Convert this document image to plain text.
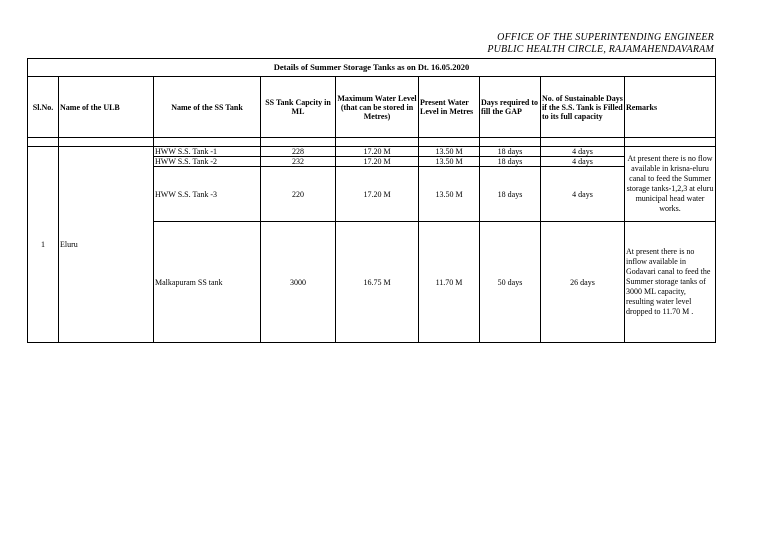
OFFICE OF THE SUPERINTENDING ENGINEER
PUBLIC HEALTH CIRCLE, RAJAMAHENDAVARAM
Details of Summer Storage Tanks as on Dt. 16.05.2020								
Sl.No.	Name of the ULB	Name of the SS Tank	SS Tank Capcity in ML	Maximum Water Level (that can be stored in Metres)	Present Water Level in Metres	Days required to fill the GAP	No. of Sustainable Days if the S.S. Tank is Filled to its full capacity	Remarks

1	Eluru	HWW S.S. Tank -1	228	17.20 M	13.50 M	18 days	4 days	At present there is no flow available in krisna-eluru canal to feed the Summer storage tanks-1,2,3 at eluru municipal head water works.
		HWW S.S. Tank -2	232	17.20 M	13.50 M	18 days	4 days	
		HWW S.S. Tank -3	220	17.20 M	13.50 M	18 days	4 days	
		Malkapuram SS tank	3000	16.75 M	11.70 M	50 days	26 days	At present there is no inflow available in Godavari canal to feed the Summer storage tanks of 3000 ML capacity, resulting water level dropped to 11.70 M .
